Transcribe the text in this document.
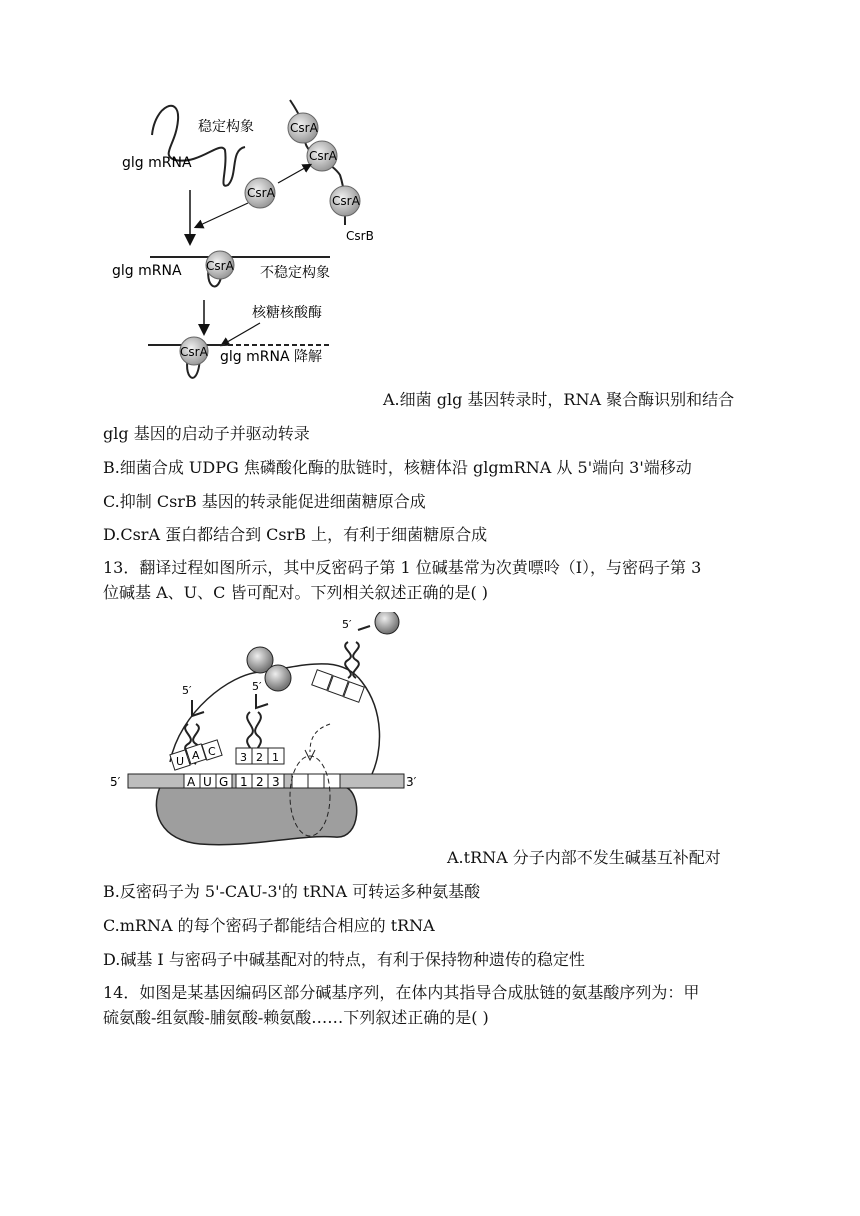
稳定构象
glg mRNA
CsrA
CsrA
CsrA
CsrB
CsrA
CsrA
glg mRNA	不稳定构象
核糖核酸酶
CsrA glg mRNA 降解
A.细菌 glg 基因转录时，RNA 聚合酶识别和结合
glg 基因的启动子并驱动转录
B.细菌合成 UDPG 焦磷酸化酶的肽链时，核糖体沿 glgmRNA 从 5'端向 3'端移动
C.抑制 CsrB 基因的转录能促进细菌糖原合成
D.CsrA 蛋白都结合到 CsrB 上，有利于细菌糖原合成
13．翻译过程如图所示，其中反密码子第 1 位碱基常为次黄嘌呤（I），与密码子第 3
位碱基 A、U、C 皆可配对。下列相关叙述正确的是( )
5′	3′
A U G 1 2 3
5′
U A C
5′
3 2 1
5′
A.tRNA 分子内部不发生碱基互补配对
B.反密码子为 5'-CAU-3'的 tRNA 可转运多种氨基酸
C.mRNA 的每个密码子都能结合相应的 tRNA
D.碱基 I 与密码子中碱基配对的特点，有利于保持物种遗传的稳定性
14．如图是某基因编码区部分碱基序列，在体内其指导合成肽链的氨基酸序列为：甲
硫氨酸-组氨酸-脯氨酸-赖氨酸……下列叙述正确的是( )
